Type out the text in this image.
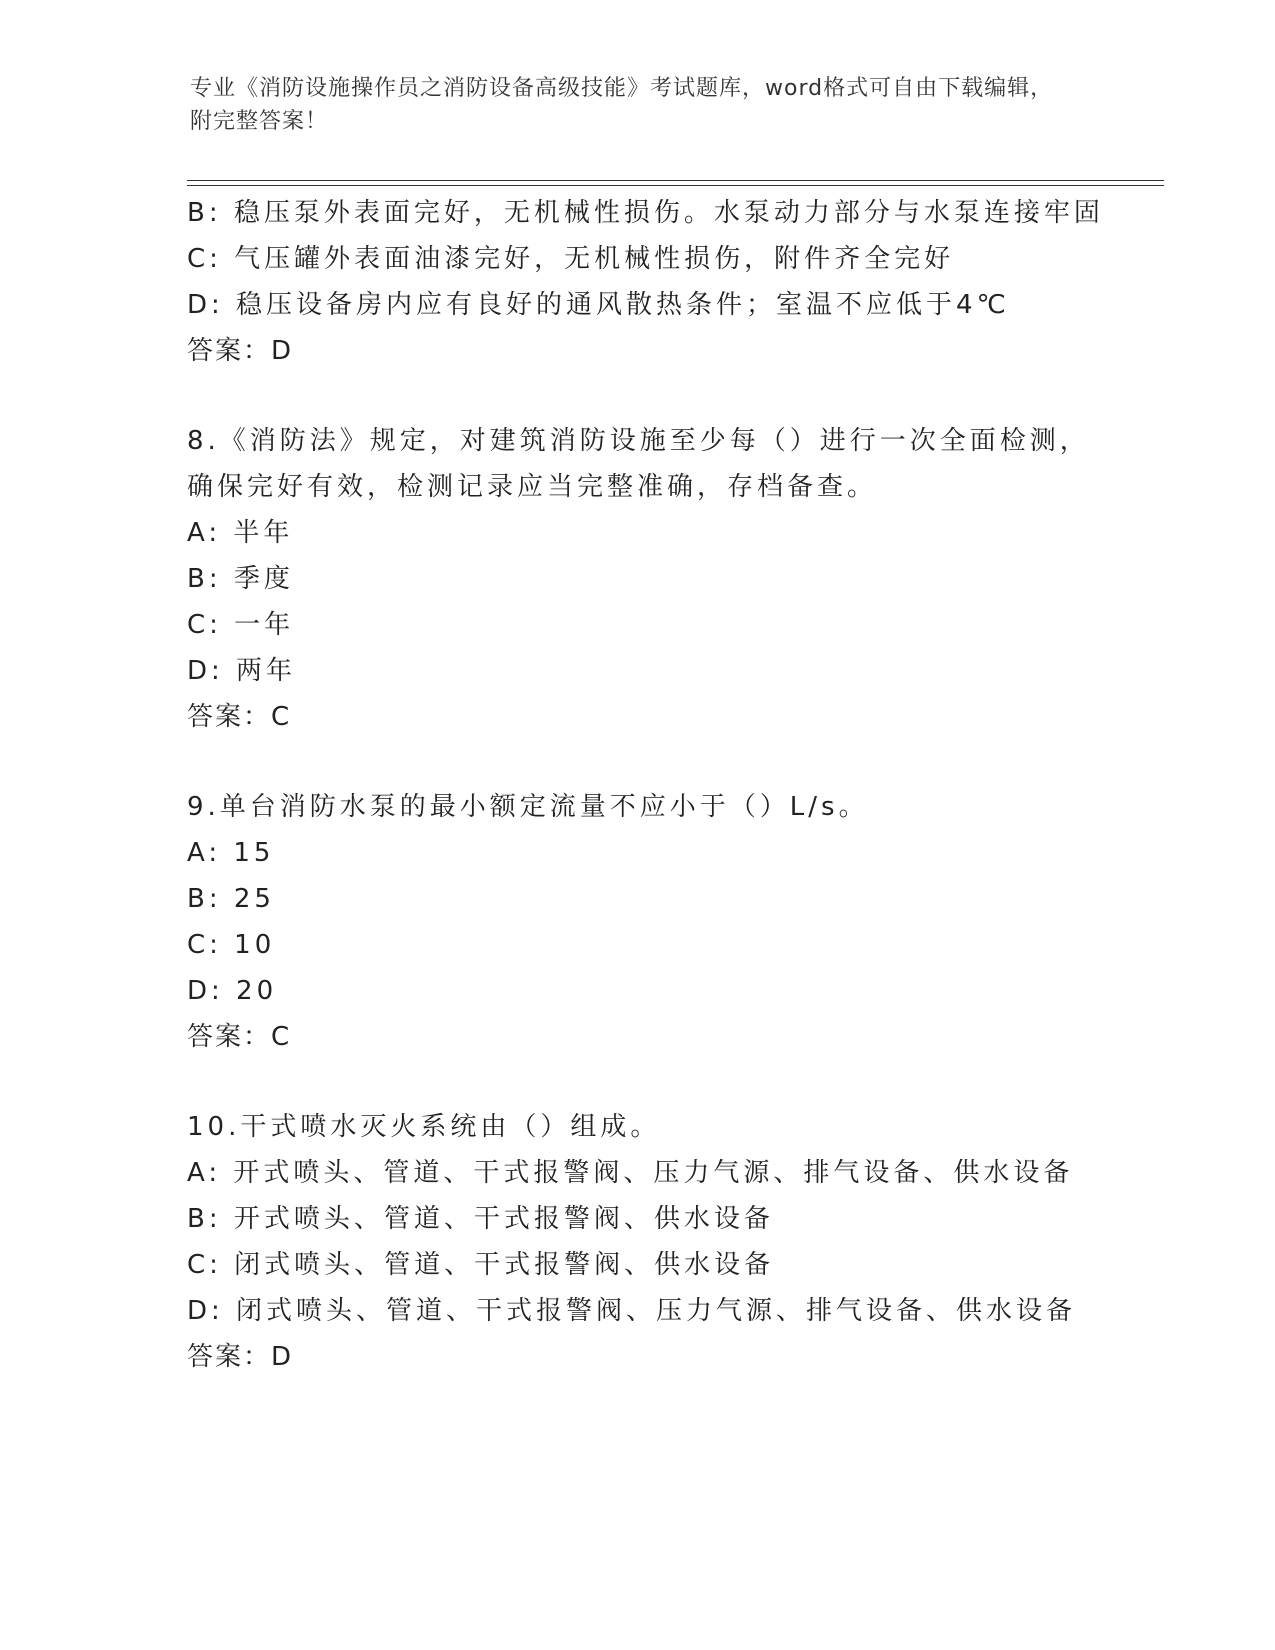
专业《消防设施操作员之消防设备高级技能》考试题库，word格式可自由下载编辑，附完整答案！
B: 稳压泵外表面完好，无机械性损伤。水泵动力部分与水泵连接牢固
C: 气压罐外表面油漆完好，无机械性损伤，附件齐全完好
D: 稳压设备房内应有良好的通风散热条件；室温不应低于4℃
答案：D
8.《消防法》规定，对建筑消防设施至少每（）进行一次全面检测，
确保完好有效，检测记录应当完整准确，存档备查。
A: 半年
B: 季度
C: 一年
D: 两年
答案：C
9.单台消防水泵的最小额定流量不应小于（）L/s。
A: 15
B: 25
C: 10
D: 20
答案：C
10.干式喷水灭火系统由（）组成。
A: 开式喷头、管道、干式报警阀、压力气源、排气设备、供水设备
B: 开式喷头、管道、干式报警阀、供水设备
C: 闭式喷头、管道、干式报警阀、供水设备
D: 闭式喷头、管道、干式报警阀、压力气源、排气设备、供水设备
答案：D
